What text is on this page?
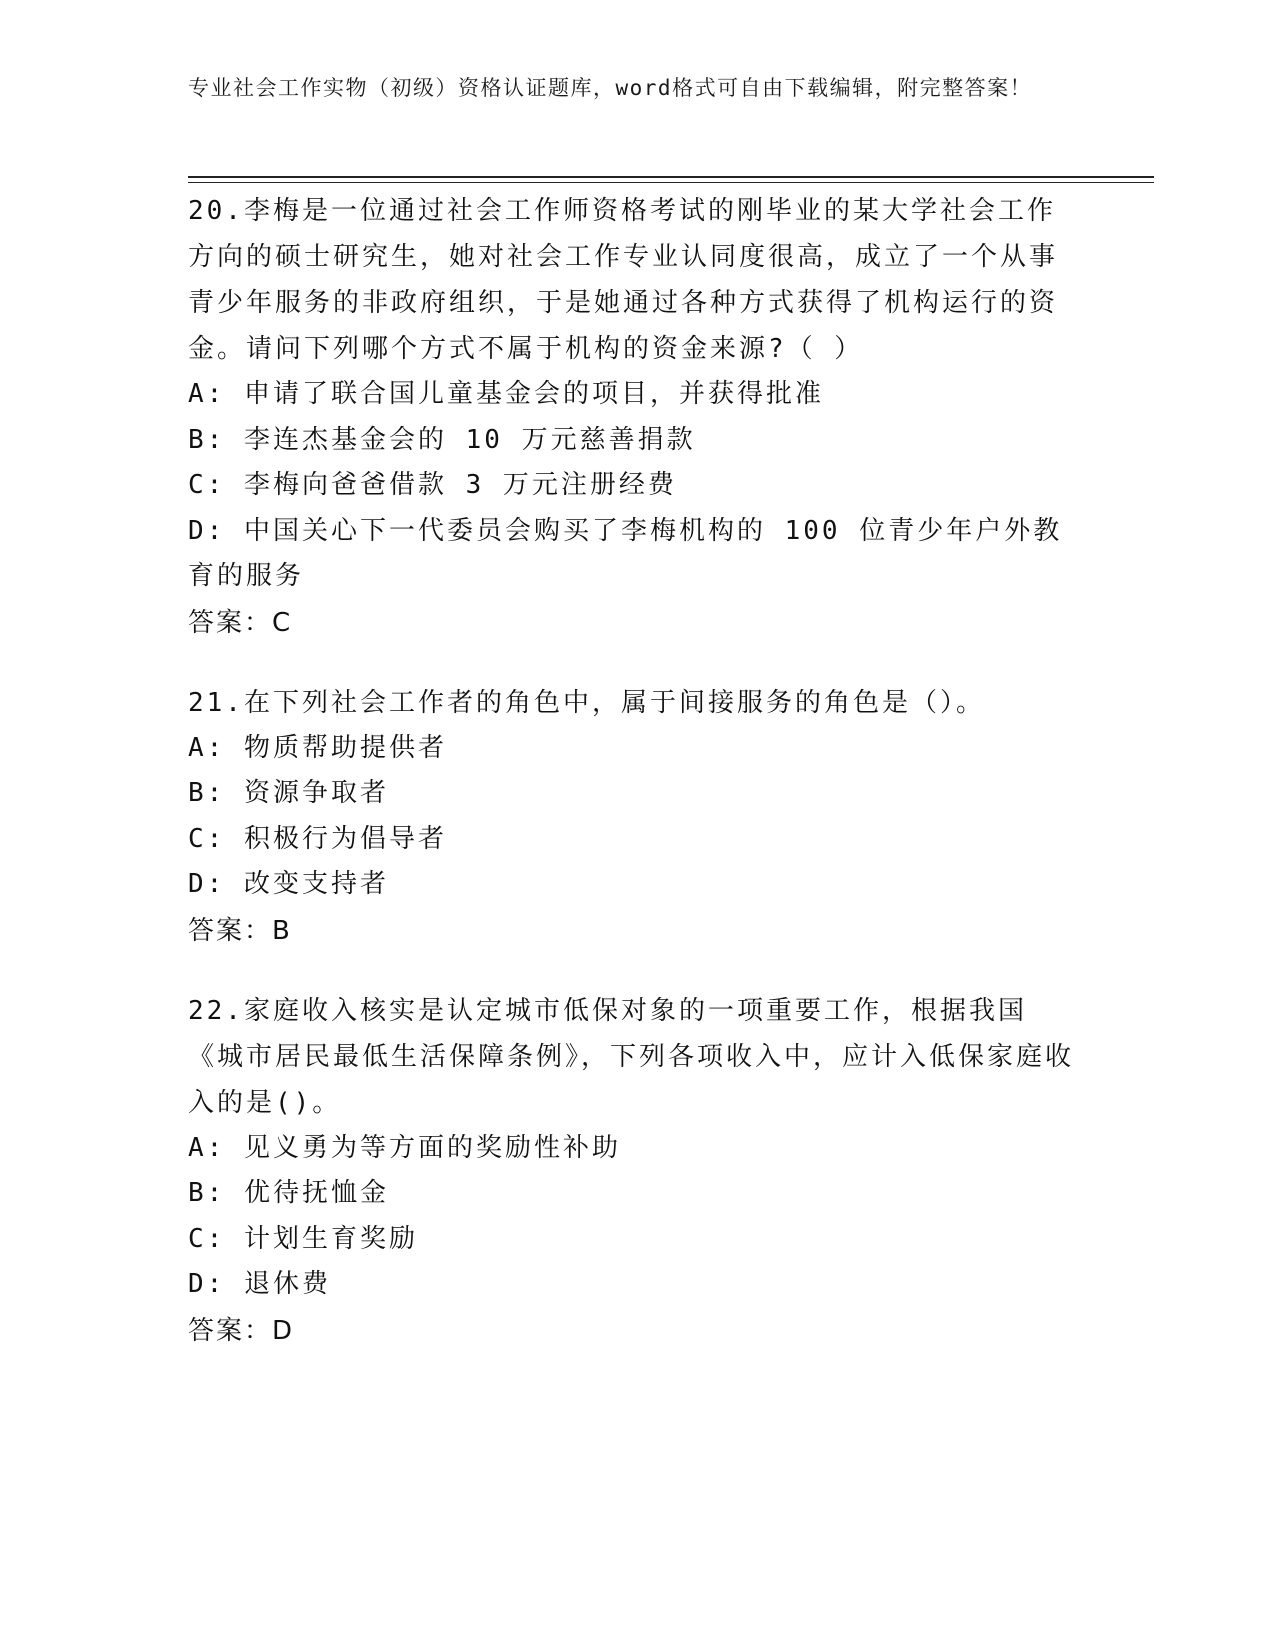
专业社会工作实物（初级）资格认证题库，word格式可自由下载编辑，附完整答案！

20.李梅是一位通过社会工作师资格考试的刚毕业的某大学社会工作方向的硕士研究生，她对社会工作专业认同度很高，成立了一个从事青少年服务的非政府组织，于是她通过各种方式获得了机构运行的资金。请问下列哪个方式不属于机构的资金来源?（ ）

A: 申请了联合国儿童基金会的项目，并获得批准

B: 李连杰基金会的 10 万元慈善捐款

C: 李梅向爸爸借款 3 万元注册经费

D: 中国关心下一代委员会购买了李梅机构的 100 位青少年户外教育的服务

答案：C

21.在下列社会工作者的角色中，属于间接服务的角色是（）。

A: 物质帮助提供者

B: 资源争取者

C: 积极行为倡导者

D: 改变支持者

答案：B

22.家庭收入核实是认定城市低保对象的一项重要工作，根据我国《城市居民最低生活保障条例》，下列各项收入中，应计入低保家庭收入的是()。

A: 见义勇为等方面的奖励性补助

B: 优待抚恤金

C: 计划生育奖励

D: 退休费

答案：D
